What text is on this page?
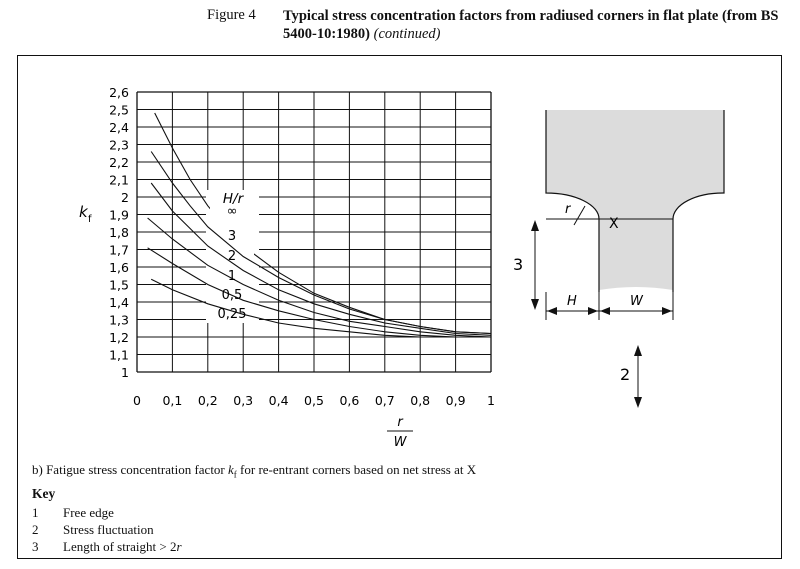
Figure 4 Typical stress concentration factors from radiused corners in flat plate (from BS 5400-10:1980) (continued)
1
1,1
1,2
1,3
1,4
1,5
1,6
1,7
1,8
1,9
2
2,1
2,2
2,3
2,4
2,5
2,6
0 0,1 0,2 0,3 0,4 0,5 0,6 0,7 0,8 0,9 1
∞
3
2
1
0,5
0,25
H/r
k f
r
W
r
X
3
H	W
2
b) Fatigue stress concentration factor $k_f$ for re-entrant corners based on net stress at X
Key
1 Free edge
2 Stress fluctuation
3 Length of straight > 2r
